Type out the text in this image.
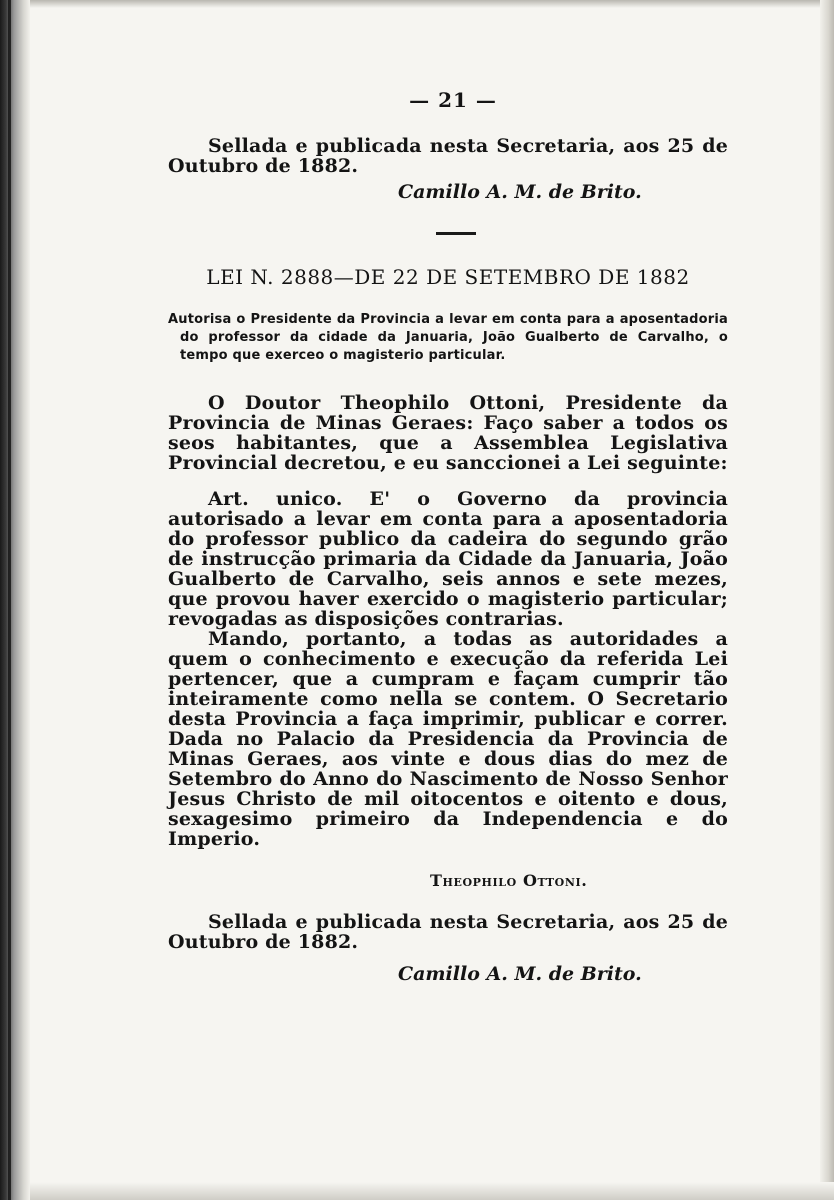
— 21 —

Sellada e publicada nesta Secretaria, aos 25 de Outubro de 1882.

Camillo A. M. de Brito.
LEI N. 2888—DE 22 DE SETEMBRO DE 1882
Autorisa o Presidente da Provincia a levar em conta para a aposentadoria do professor da cidade da Januaria, João Gualberto de Carvalho, o tempo que exerceo o magisterio particular.

O Doutor Theophilo Ottoni, Presidente da Provincia de Minas Geraes: Faço saber a todos os seos habitantes, que a Assemblea Legislativa Provincial decretou, e eu sanccionei a Lei seguinte:

Art. unico. E' o Governo da provincia autorisado a levar em conta para a aposentadoria do professor publico da cadeira do segundo grão de instrucção primaria da Cidade da Januaria, João Gualberto de Carvalho, seis annos e sete mezes, que provou haver exercido o magisterio particular; revogadas as disposições contrarias.

Mando, portanto, a todas as autoridades a quem o conhecimento e execução da referida Lei pertencer, que a cumpram e façam cumprir tão inteiramente como nella se contem. O Secretario desta Provincia a faça imprimir, publicar e correr. Dada no Palacio da Presidencia da Provincia de Minas Geraes, aos vinte e dous dias do mez de Setembro do Anno do Nascimento de Nosso Senhor Jesus Christo de mil oitocentos e oitento e dous, sexagesimo primeiro da Independencia e do Imperio.

Theophilo Ottoni.

Sellada e publicada nesta Secretaria, aos 25 de Outubro de 1882.

Camillo A. M. de Brito.
